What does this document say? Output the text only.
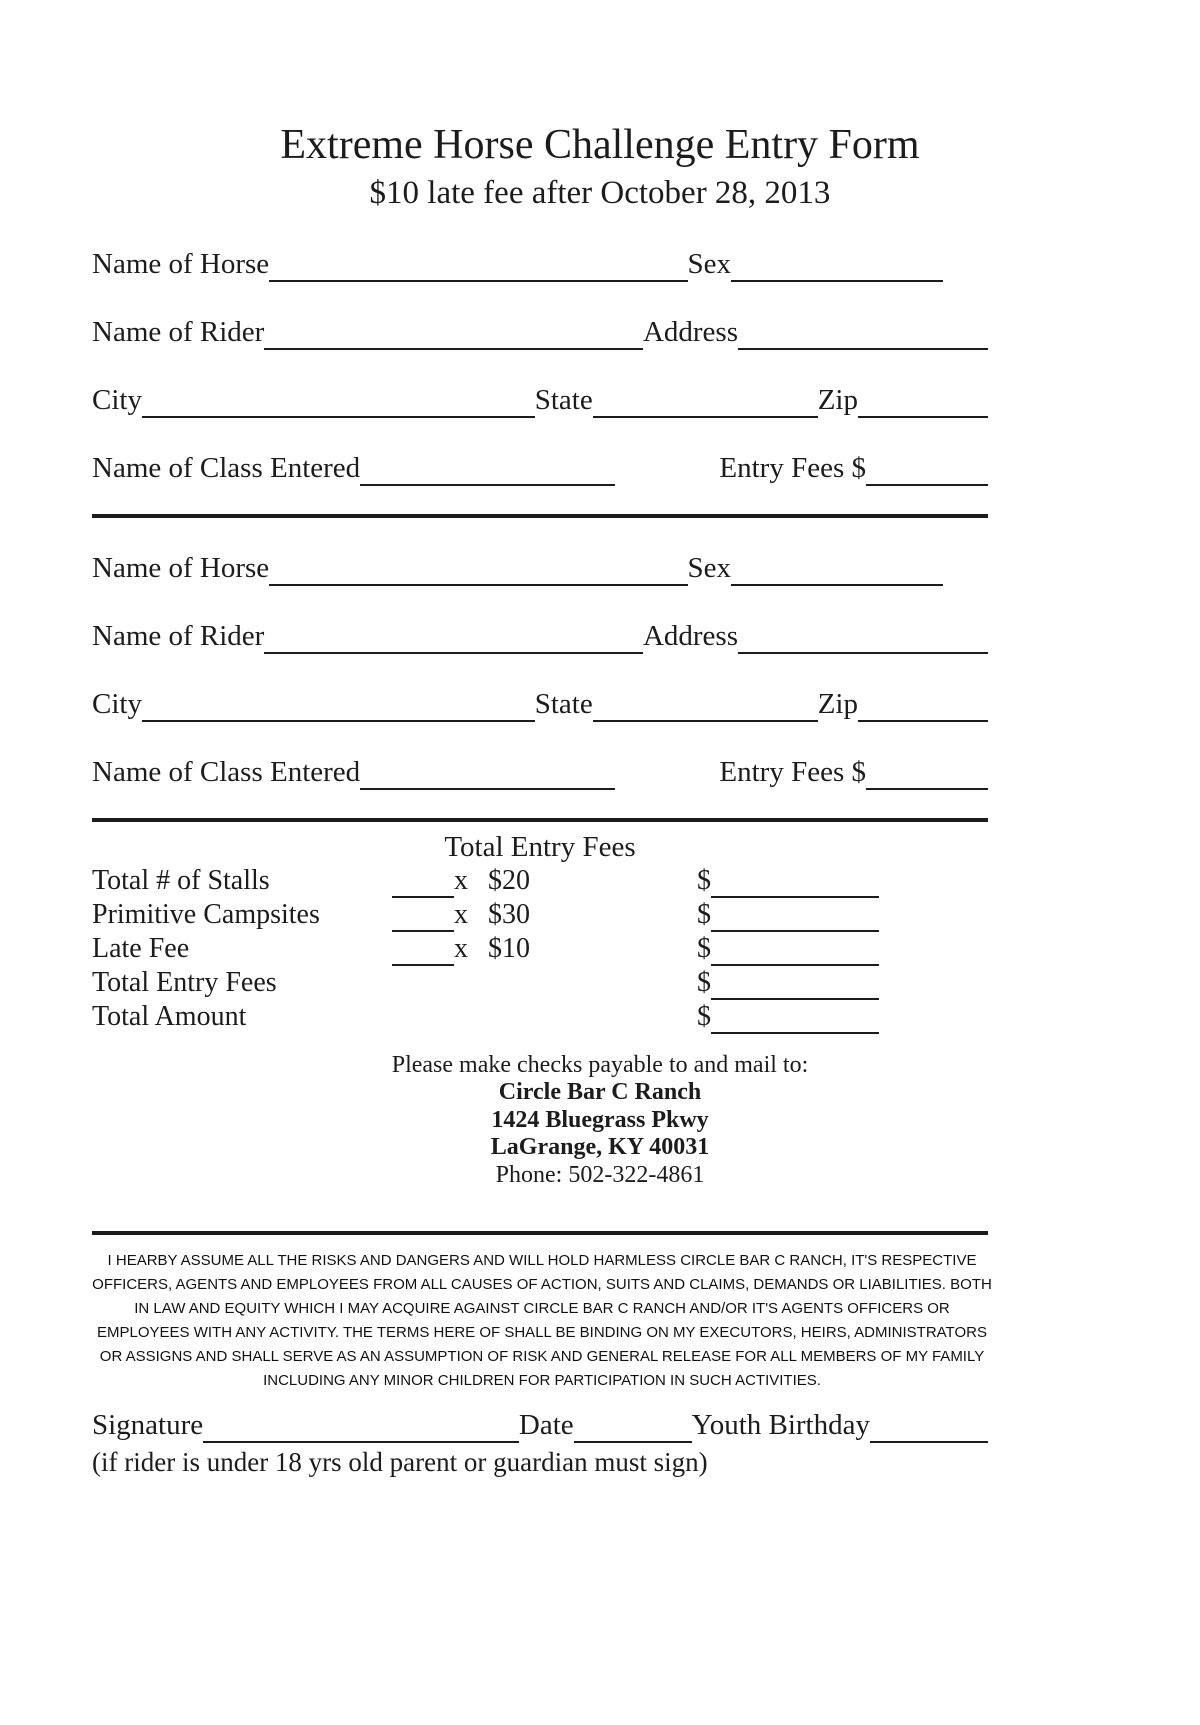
Extreme Horse Challenge Entry Form
$10 late fee after October 28, 2013
Name of Horse	Sex
Name of Rider	Address
City	State	Zip
Name of Class Entered	Entry Fees $
Name of Horse	Sex
Name of Rider	Address
City	State	Zip
Name of Class Entered	Entry Fees $
Total Entry Fees
Total # of Stalls	x $20	$
Primitive Campsites	x $30	$
Late Fee	x $10	$
Total Entry Fees	$
Total Amount	$
Please make checks payable to and mail to:
Circle Bar C Ranch
1424 Bluegrass Pkwy
LaGrange, KY 40031
Phone: 502-322-4861
I HEARBY ASSUME ALL THE RISKS AND DANGERS AND WILL HOLD HARMLESS CIRCLE BAR C RANCH, IT'S RESPECTIVE OFFICERS, AGENTS AND EMPLOYEES FROM ALL CAUSES OF ACTION, SUITS AND CLAIMS, DEMANDS OR LIABILITIES. BOTH IN LAW AND EQUITY WHICH I MAY ACQUIRE AGAINST CIRCLE BAR C RANCH AND/OR IT'S AGENTS OFFICERS OR EMPLOYEES WITH ANY ACTIVITY. THE TERMS HERE OF SHALL BE BINDING ON MY EXECUTORS, HEIRS, ADMINISTRATORS OR ASSIGNS AND SHALL SERVE AS AN ASSUMPTION OF RISK AND GENERAL RELEASE FOR ALL MEMBERS OF MY FAMILY INCLUDING ANY MINOR CHILDREN FOR PARTICIPATION IN SUCH ACTIVITIES.
Signature	Date	Youth Birthday
(if rider is under 18 yrs old parent or guardian must sign)
